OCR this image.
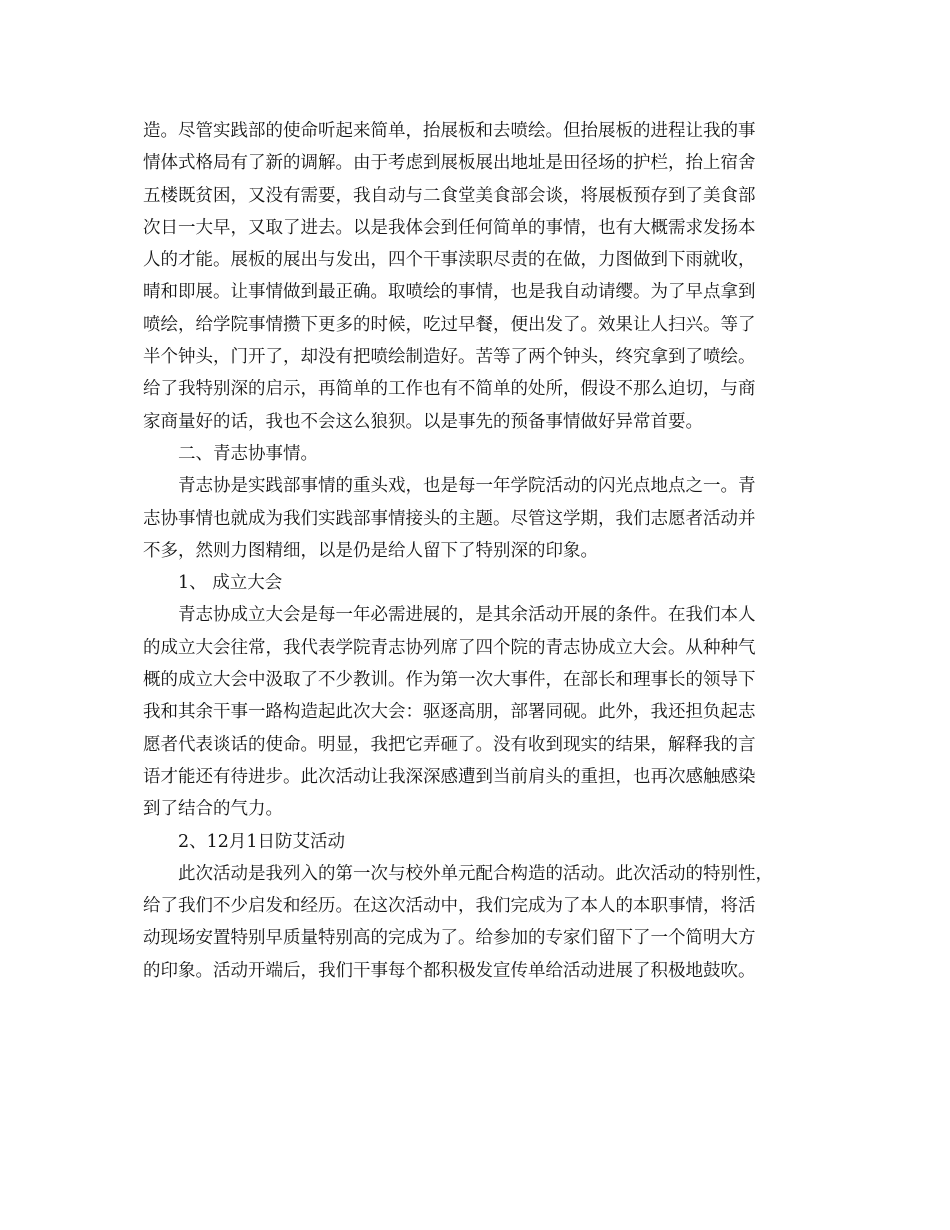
造。尽管实践部的使命听起来简单，抬展板和去喷绘。但抬展板的进程让我的事
情体式格局有了新的调解。由于考虑到展板展出地址是田径场的护栏，抬上宿舍
五楼既贫困，又没有需要，我自动与二食堂美食部会谈，将展板预存到了美食部
次日一大早，又取了进去。以是我体会到任何简单的事情，也有大概需求发扬本
人的才能。展板的展出与发出，四个干事渎职尽责的在做，力图做到下雨就收，
晴和即展。让事情做到最正确。取喷绘的事情，也是我自动请缨。为了早点拿到
喷绘，给学院事情攒下更多的时候，吃过早餐，便出发了。效果让人扫兴。等了
半个钟头，门开了，却没有把喷绘制造好。苦等了两个钟头，终究拿到了喷绘。
给了我特别深的启示，再简单的工作也有不简单的处所，假设不那么迫切，与商
家商量好的话，我也不会这么狼狈。以是事先的预备事情做好异常首要。
二、青志协事情。
青志协是实践部事情的重头戏，也是每一年学院活动的闪光点地点之一。青
志协事情也就成为我们实践部事情接头的主题。尽管这学期，我们志愿者活动并
不多，然则力图精细，以是仍是给人留下了特别深的印象。
1、 成立大会
青志协成立大会是每一年必需进展的，是其余活动开展的条件。在我们本人
的成立大会往常，我代表学院青志协列席了四个院的青志协成立大会。从种种气
概的成立大会中汲取了不少教训。作为第一次大事件，在部长和理事长的领导下
我和其余干事一路构造起此次大会：驱逐高朋，部署同砚。此外，我还担负起志
愿者代表谈话的使命。明显，我把它弄砸了。没有收到现实的结果，解释我的言
语才能还有待进步。此次活动让我深深感遭到当前肩头的重担，也再次感触感染
到了结合的气力。
2、12月1日防艾活动
此次活动是我列入的第一次与校外单元配合构造的活动。此次活动的特别性，
给了我们不少启发和经历。在这次活动中，我们完成为了本人的本职事情，将活
动现场安置特别早质量特别高的完成为了。给参加的专家们留下了一个简明大方
的印象。活动开端后，我们干事每个都积极发宣传单给活动进展了积极地鼓吹。
